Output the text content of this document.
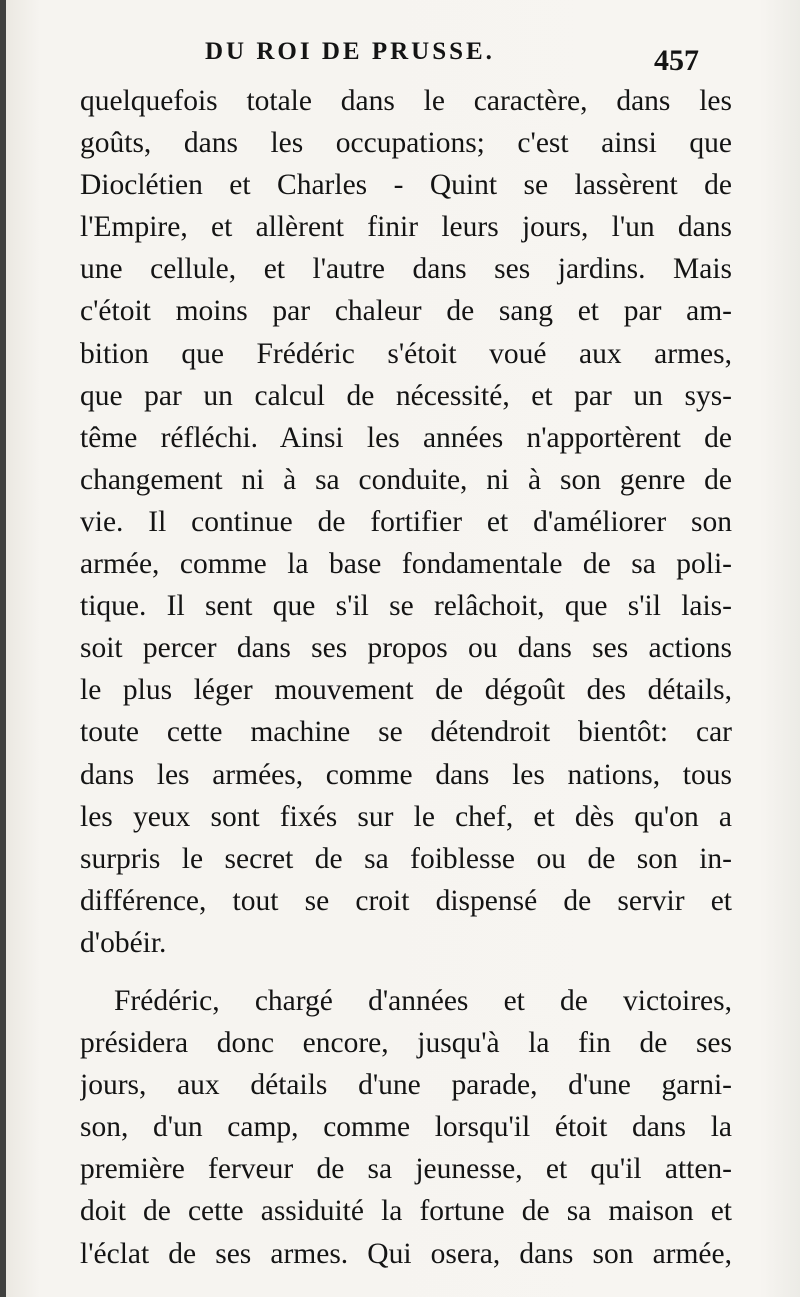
DU ROI DE PRUSSE.	457
quelquefois totale dans le caractère, dans les
goûts, dans les occupations; c'est ainsi que
Dioclétien et Charles - Quint se lassèrent de
l'Empire, et allèrent finir leurs jours, l'un dans
une cellule, et l'autre dans ses jardins. Mais
c'étoit moins par chaleur de sang et par am-
bition que Frédéric s'étoit voué aux armes,
que par un calcul de nécessité, et par un sys-
tême réfléchi. Ainsi les années n'apportèrent de
changement ni à sa conduite, ni à son genre de
vie. Il continue de fortifier et d'améliorer son
armée, comme la base fondamentale de sa poli-
tique. Il sent que s'il se relâchoit, que s'il lais-
soit percer dans ses propos ou dans ses actions
le plus léger mouvement de dégoût des détails,
toute cette machine se détendroit bientôt: car
dans les armées, comme dans les nations, tous
les yeux sont fixés sur le chef, et dès qu'on a
surpris le secret de sa foiblesse ou de son in-
différence, tout se croit dispensé de servir et
d'obéir.
Frédéric, chargé d'années et de victoires,
présidera donc encore, jusqu'à la fin de ses
jours, aux détails d'une parade, d'une garni-
son, d'un camp, comme lorsqu'il étoit dans la
première ferveur de sa jeunesse, et qu'il atten-
doit de cette assiduité la fortune de sa maison et
l'éclat de ses armes. Qui osera, dans son armée,
